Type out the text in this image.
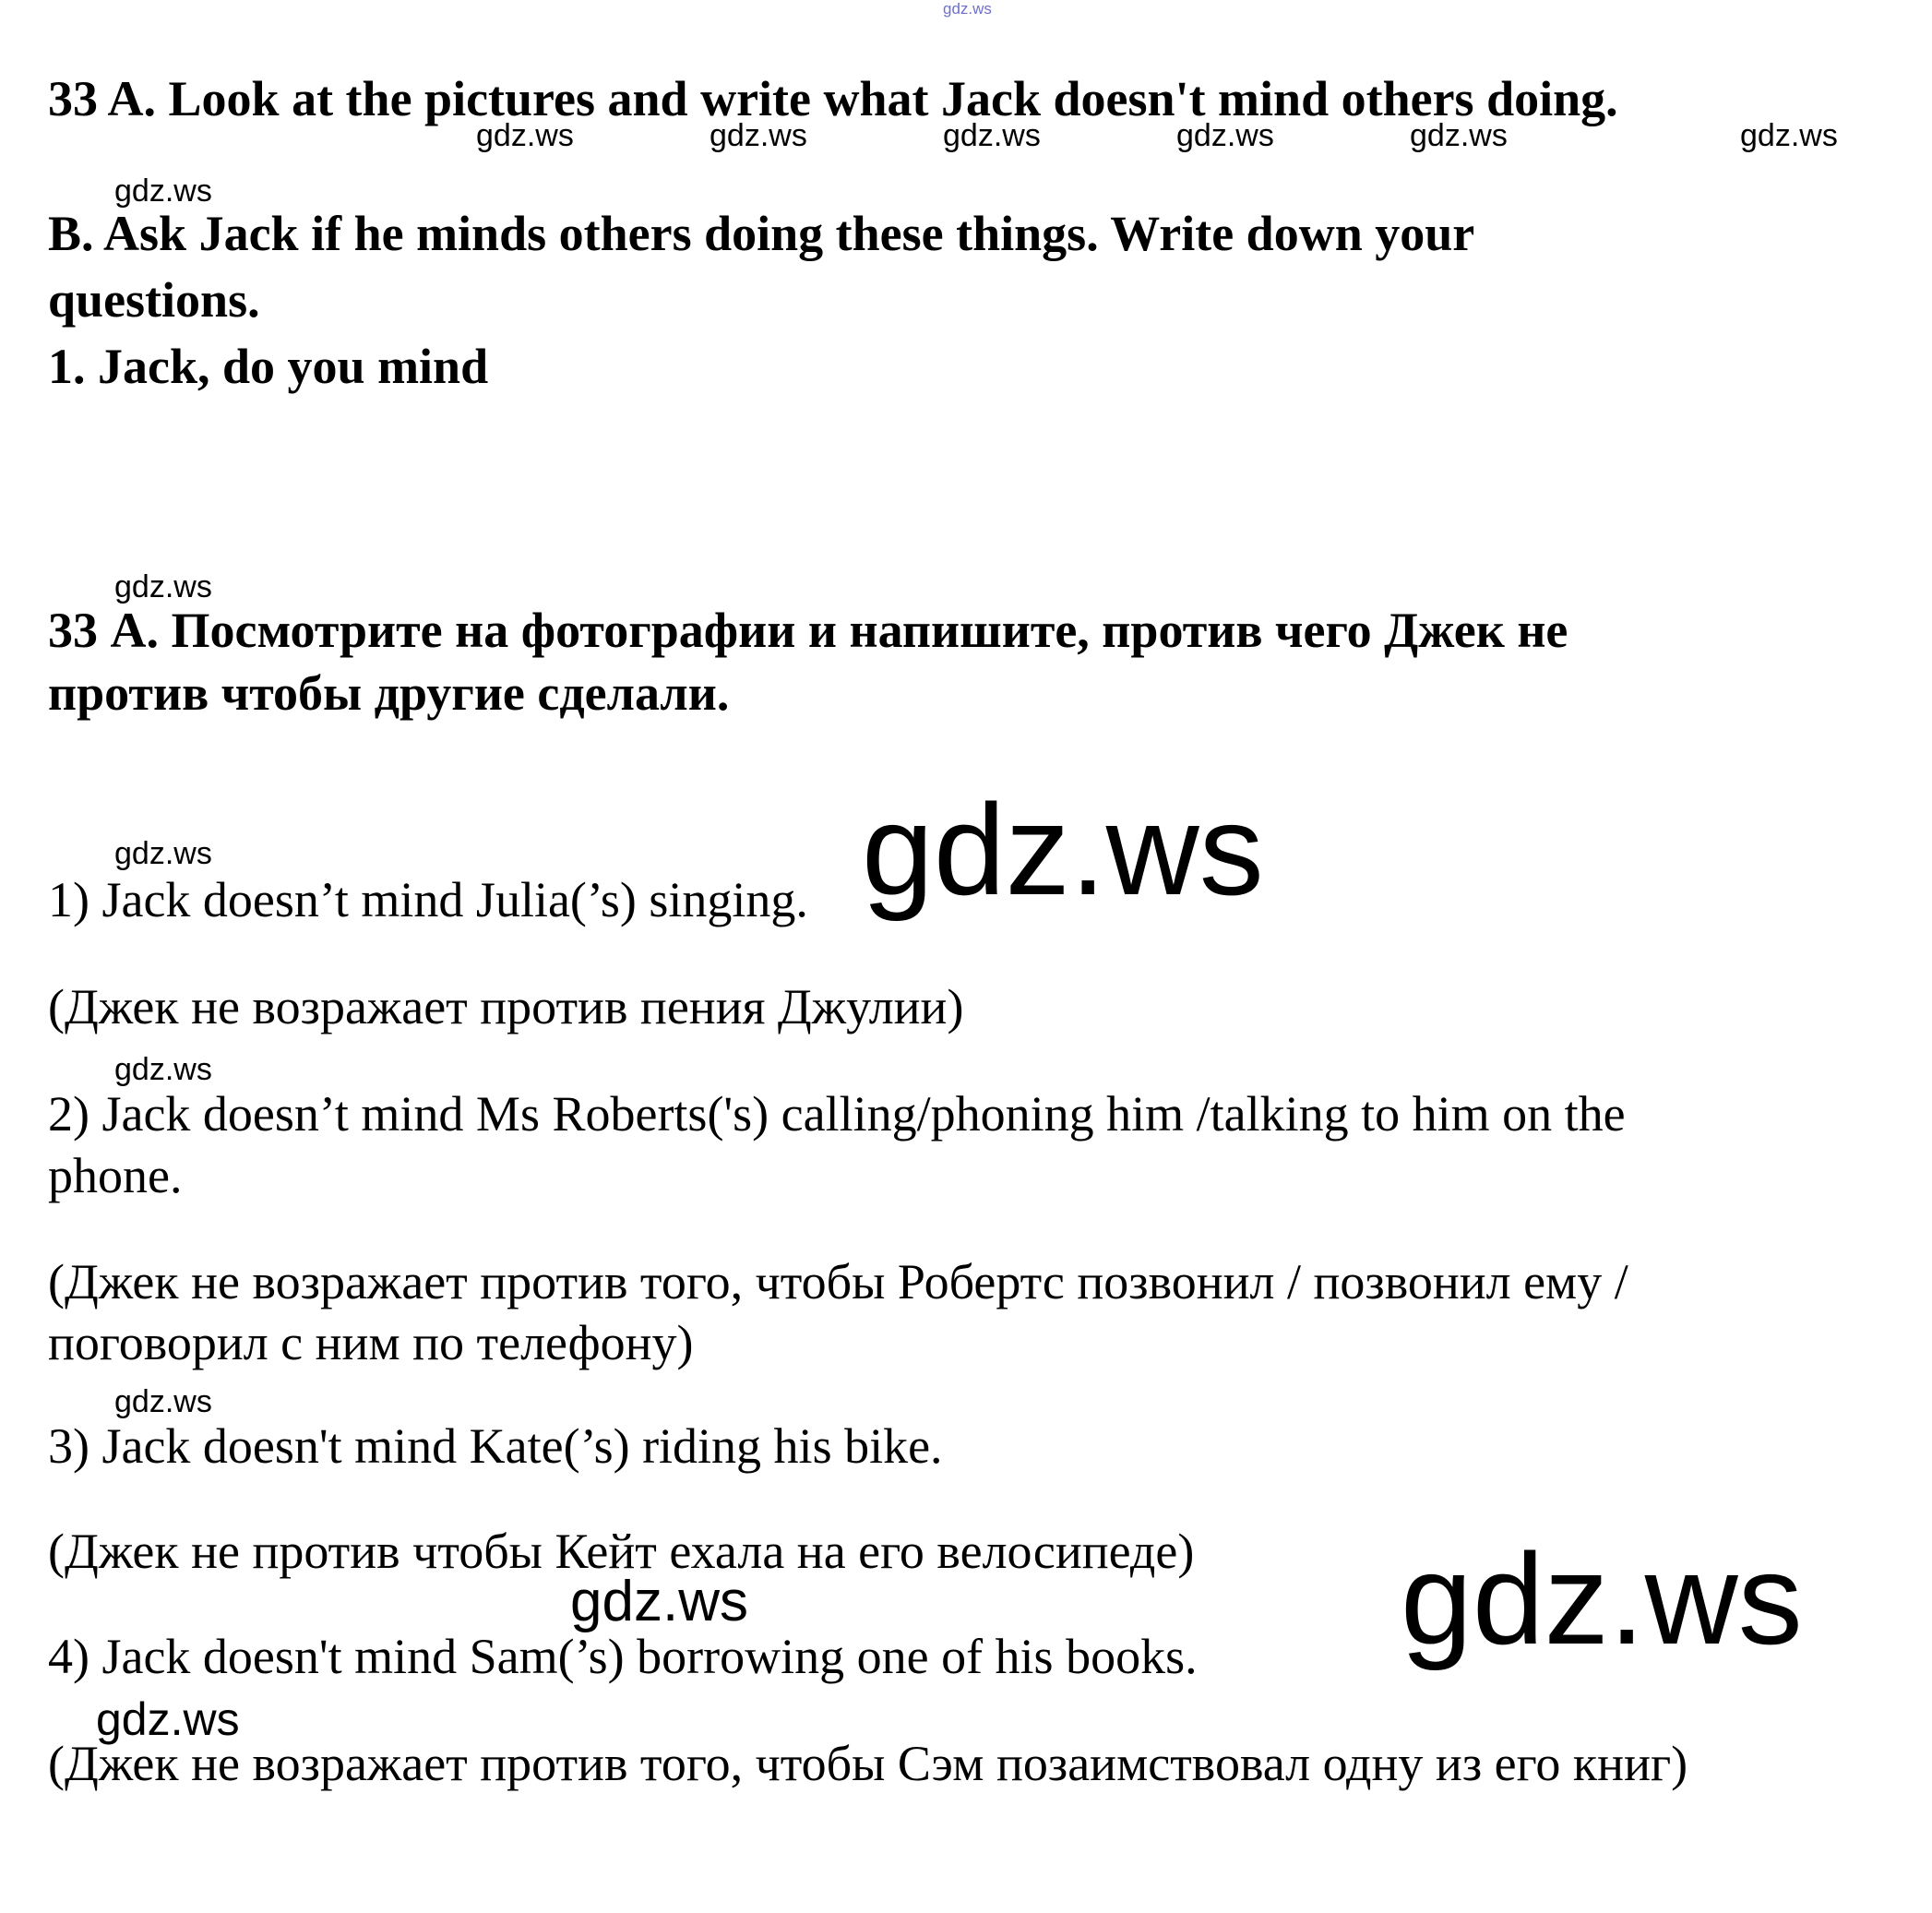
gdz.ws
33 A. Look at the pictures and write what Jack doesn't mind others doing.
gdz.ws	gdz.ws	gdz.ws	gdz.ws	gdz.ws	gdz.ws
gdz.ws
B. Ask Jack if he minds others doing these things. Write down your
questions.
1. Jack, do you mind
gdz.ws
33 А. Посмотрите на фотографии и напишите, против чего Джек не
против чтобы другие сделали.
gdz.ws
gdz.ws
1) Jack doesn’t mind Julia(’s) singing.
(Джек не возражает против пения Джулии)
gdz.ws
2) Jack doesn’t mind Ms Roberts('s) calling/phoning him /talking to him on the
phone.
(Джек не возражает против того, чтобы Робертс позвонил / позвонил ему /
поговорил с ним по телефону)
gdz.ws
3) Jack doesn't mind Kate(’s) riding his bike.
(Джек не против чтобы Кейт ехала на его велосипеде)
gdz.ws	gdz.ws
4) Jack doesn't mind Sam(’s) borrowing one of his books.
gdz.ws
(Джек не возражает против того, чтобы Сэм позаимствовал одну из его книг)
